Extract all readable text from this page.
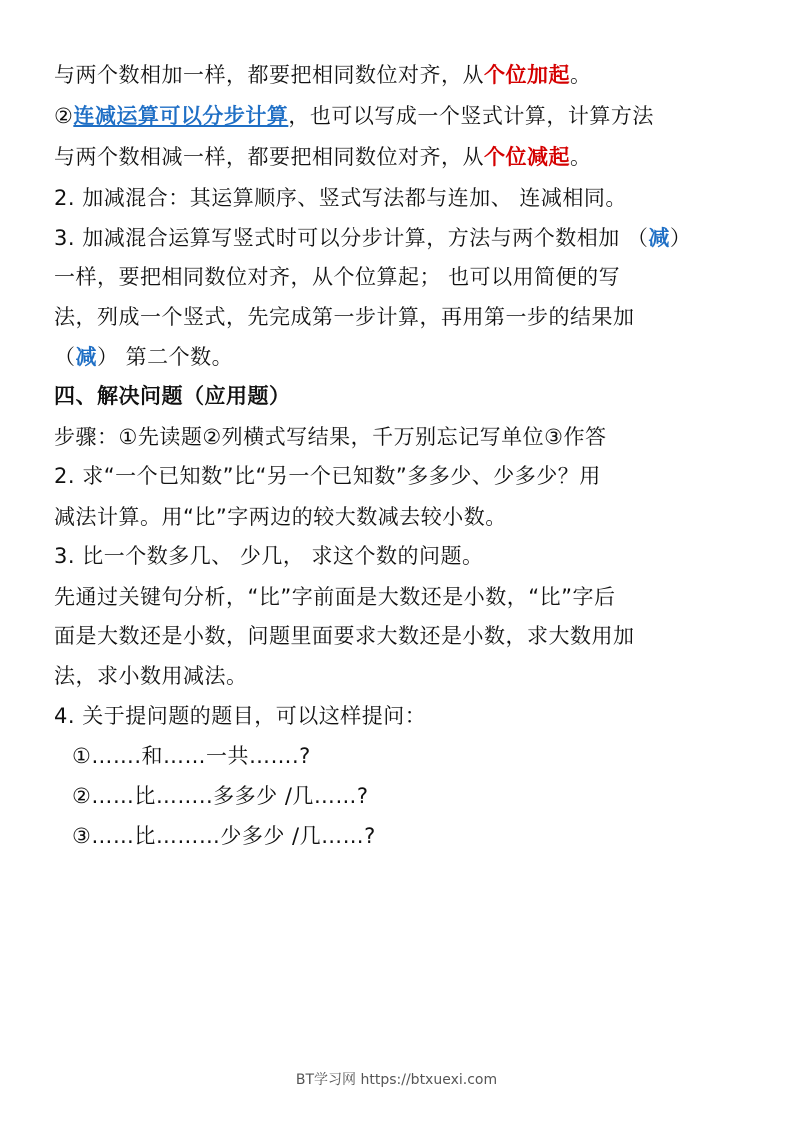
与两个数相加一样，都要把相同数位对齐，从个位加起。
②连减运算可以分步计算，也可以写成一个竖式计算，计算方法
与两个数相减一样，都要把相同数位对齐，从个位减起。
2. 加减混合：其运算顺序、竖式写法都与连加、 连减相同。
3. 加减混合运算写竖式时可以分步计算，方法与两个数相加 （减）
一样，要把相同数位对齐，从个位算起； 也可以用简便的写
法，列成一个竖式，先完成第一步计算，再用第一步的结果加
（减） 第二个数。
四、解决问题（应用题）
步骤：①先读题②列横式写结果，千万别忘记写单位③作答
2. 求“一个已知数”比“另一个已知数”多多少、少多少？用
减法计算。用“比”字两边的较大数减去较小数。
3. 比一个数多几、 少几， 求这个数的问题。
先通过关键句分析，“比”字前面是大数还是小数，“比”字后
面是大数还是小数，问题里面要求大数还是小数，求大数用加
法，求小数用减法。
4. 关于提问题的题目，可以这样提问：
①…….和……一共…….?
②……比……..多多少 /几……?
③……比………少多少 /几……?
BT学习网 https://btxuexi.com
